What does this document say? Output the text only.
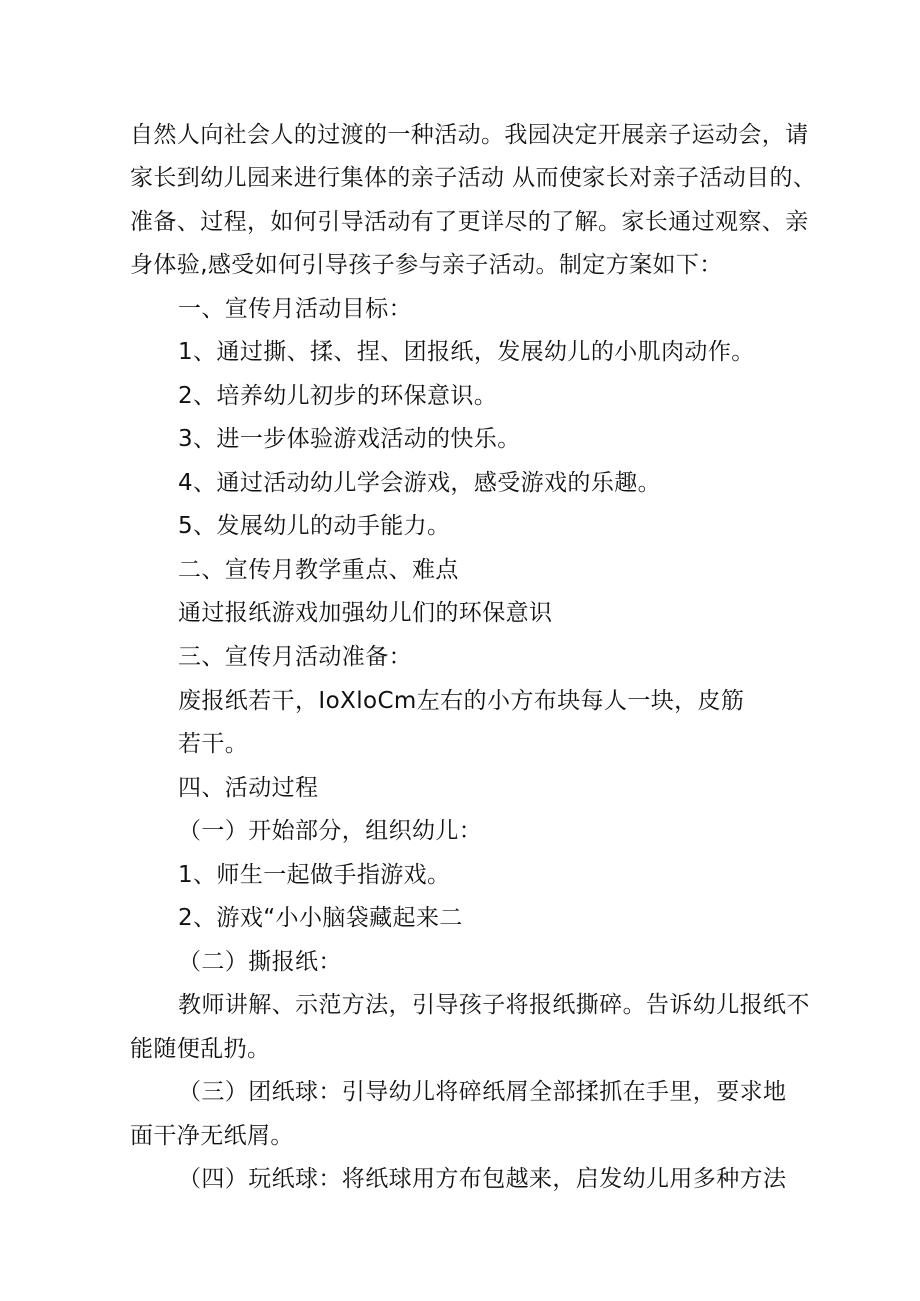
自然人向社会人的过渡的一种活动。我园决定开展亲子运动会，请
家长到幼儿园来进行集体的亲子活动 从而使家长对亲子活动目的、
准备、过程，如何引导活动有了更详尽的了解。家长通过观察、亲
身体验,感受如何引导孩子参与亲子活动。制定方案如下：
一、宣传月活动目标：
1、通过撕、揉、捏、团报纸，发展幼儿的小肌肉动作。
2、培养幼儿初步的环保意识。
3、进一步体验游戏活动的快乐。
4、通过活动幼儿学会游戏，感受游戏的乐趣。
5、发展幼儿的动手能力。
二、宣传月教学重点、难点
通过报纸游戏加强幼儿们的环保意识
三、宣传月活动准备：
废报纸若干，IoXloCm左右的小方布块每人一块，皮筋
若干。
四、活动过程
（一）开始部分，组织幼儿：
1、师生一起做手指游戏。
2、游戏“小小脑袋藏起来二
（二）撕报纸：
教师讲解、示范方法，引导孩子将报纸撕碎。告诉幼儿报纸不
能随便乱扔。
（三）团纸球：引导幼儿将碎纸屑全部揉抓在手里，要求地
面干净无纸屑。
（四）玩纸球：将纸球用方布包越来，启发幼儿用多种方法
